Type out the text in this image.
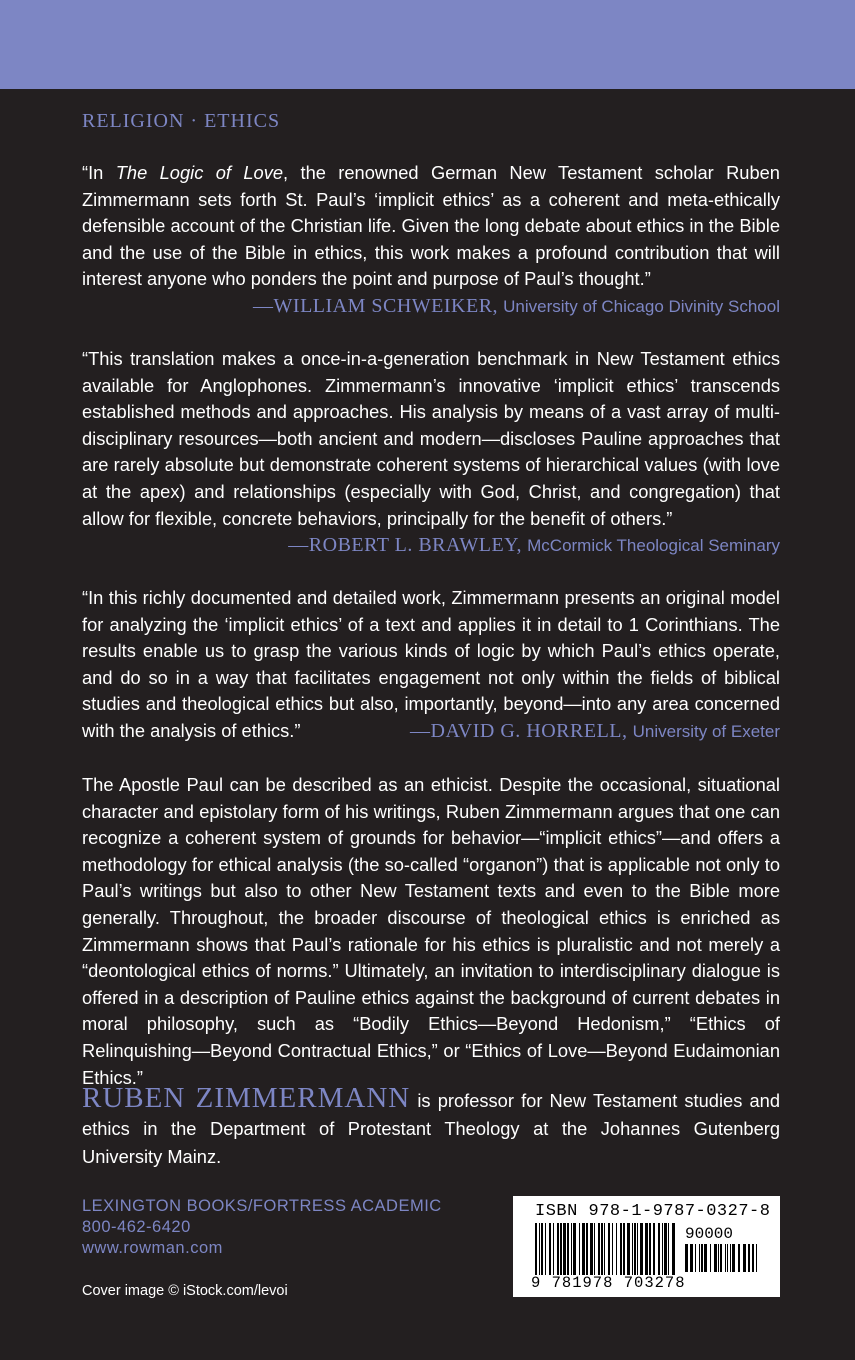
RELIGION · ETHICS
“In The Logic of Love, the renowned German New Testament scholar Ruben Zimmermann sets forth St. Paul’s ‘implicit ethics’ as a coherent and meta-ethically defensible account of the Christian life. Given the long debate about ethics in the Bible and the use of the Bible in ethics, this work makes a profound contribution that will interest anyone who ponders the point and purpose of Paul’s thought.”
—WILLIAM SCHWEIKER, University of Chicago Divinity School
“This translation makes a once-in-a-generation benchmark in New Testament ethics available for Anglophones. Zimmermann’s innovative ‘implicit ethics’ transcends established methods and approaches. His analysis by means of a vast array of multi-disciplinary resources—both ancient and modern—discloses Pauline approaches that are rarely absolute but demonstrate coherent systems of hierarchical values (with love at the apex) and relationships (especially with God, Christ, and congregation) that allow for flexible, concrete behaviors, principally for the benefit of others.”
—ROBERT L. BRAWLEY, McCormick Theological Seminary
“In this richly documented and detailed work, Zimmermann presents an original model for analyzing the ‘implicit ethics’ of a text and applies it in detail to 1 Corinthians. The results enable us to grasp the various kinds of logic by which Paul’s ethics operate, and do so in a way that facilitates engagement not only within the fields of biblical studies and theological ethics but also, importantly, beyond—into any area concerned with the analysis of ethics.”	—DAVID G. HORRELL, University of Exeter
The Apostle Paul can be described as an ethicist. Despite the occasional, situational character and epistolary form of his writings, Ruben Zimmermann argues that one can recognize a coherent system of grounds for behavior—“implicit ethics”—and offers a methodology for ethical analysis (the so-called “organon”) that is applicable not only to Paul’s writings but also to other New Testament texts and even to the Bible more generally. Throughout, the broader discourse of theological ethics is enriched as Zimmermann shows that Paul’s rationale for his ethics is pluralistic and not merely a “deontological ethics of norms.” Ultimately, an invitation to interdisciplinary dialogue is offered in a description of Pauline ethics against the background of current debates in moral philosophy, such as “Bodily Ethics—Beyond Hedonism,” “Ethics of Relinquishing—Beyond Contractual Ethics,” or “Ethics of Love—Beyond Eudaimonian Ethics.”
RUBEN ZIMMERMANN is professor for New Testament studies and ethics in the Department of Protestant Theology at the Johannes Gutenberg University Mainz.
LEXINGTON BOOKS/FORTRESS ACADEMIC
800-462-6420
www.rowman.com
Cover image © iStock.com/levoi
ISBN 978-1-9787-0327-8
90000
9 781978 703278
